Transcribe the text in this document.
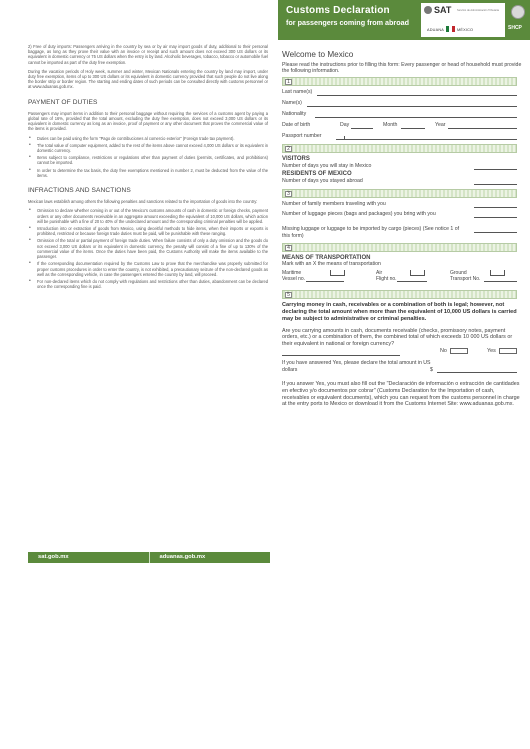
2) Free of duty imports: Passengers arriving in the country by sea or by air may import goods of duty, additional to their personal baggage, as long as they prove their value with an invoice or receipt and such amount does not exceed 300 US dollars or its equivalent in domestic currency or 75 US dollars when the entry is by land. Alcoholic beverages, tobacco, tobacco or automobile fuel cannot be imported as part of the duty free exemption.

During the vacation periods of Holy week, summer and winter, Mexican Nationals entering the country by land may import, under duty free exemption, items of up to 300 US dollars or its equivalent in domestic currency provided that such people do not live along the border strip or border region. The starting and ending dates of such periods can be consulted directly with customs personnel or at www.aduanas.gob.mx.

PAYMENT OF DUTIES

Passengers may import items in addition to their personal baggage without requiring the services of a customs agent by paying a global rate of 16%, provided that the total amount, excluding the duty free exemption, does not exceed 3,000 US dollars or its equivalent in domestic currency as long as an invoice, proof of payment or any other document that proves the commercial value of the items is provided.

• Duties can be paid using the form "Pago de contribuciones al comercio exterior" (Foreign trade tax payment).
• The total value of computer equipment, added to the rest of the items above cannot exceed 4,000 US dollars or its equivalent in domestic currency.
• Items subject to compliance, restrictions or regulations other than payment of duties (permits, certificates, and prohibitions) cannot be imported.
• In order to determine the tax basis, the duty free exemptions mentioned in number 2, must be deducted from the value of the items.
INFRACTIONS AND SANCTIONS

Mexican laws establish among others the following penalties and sanctions related to the importation of goods into the country:

• Omission to declare whether coming in or out of the Mexico's customs amounts of cash in domestic or foreign checks, payment orders or any other documents receivable in an aggregate amount exceeding the equivalent of 10,000 US dollars, which action will be punishable with a fine of 20 to 40% of the undeclared amount and the corresponding criminal penalties will be applied.
• Introduction into or extraction of goods from Mexico, using deceitful methods to hide items, when their imports or exports is prohibited, restricted or because foreign trade duties must be paid, will be punishable with these ranging.
• Omission of the total or partial payment of foreign trade duties. When failure consists of only a duty omission and the goods do not exceed 3,000 US dollars or its equivalent in domestic currency, the penalty will consist of a fine of up to 130% of the commercial value of the items. Once the duties have been paid, the Customs Authority will make the items available to the passenger.
• If the corresponding documentation required by the Customs Law to prove that the merchandise was properly submitted for proper customs procedures in order to enter the country, is not exhibited, a precautionary seizure of the non-declared goods as well as the corresponding vehicle, in case the passengers entered the country by land, will proceed.
• For non-declared items which do not comply with regulations and restrictions other than duties, abandonment can be declared once the corresponding fine is paid.
sat.gob.mx	aduanas.gob.mx
Customs Declaration
for passengers coming from abroad
SAT Servicio de Administración Tributaria
ADUANA	MÉXICO	SHCP
Welcome to Mexico
Please read the instructions prior to filling this form: Every passenger or head of household must provide the following information.
1
Last name(s)
Name(s)
Nationality
Date of birth	Day	Month	Year
Passport number
2
VISITORS
Number of days you will stay in Mexico
RESIDENTS OF MEXICO
Number of days you stayed abroad
3
Number of family members traveling with you
Number of luggage pieces (bags and packages) you bring with you
Missing luggage or luggage to be imported by cargo (pieces) (See notice 1 of this form)
4
MEANS OF TRANSPORTATION
Mark with an X the means of transportation
Maritime
Vessel no.
Air
Flight no.
Ground
Transport No.
5
Carrying money in cash, receivables or a combination of both is legal; however, not declaring the total amount when more than the equivalent of 10,000 US dollars is carried may be subject to administrative or criminal penalties.
Are you carrying amounts in cash, documents receivable (checks, promissory notes, payment orders, etc.) or a combination of them, the combined total of which exceeds 10 000 US dollars or their equivalent in national or foreign currency?
No	Yes
If you have answered Yes, please declare the total amount in US dollars	$
If you answer Yes, you must also fill out the "Declaración de información o extracción de cantidades en efectivo y/o documentos por cobrar" (Customs Declaration for the Importation of cash, receivables or equivalent documents), which you can request from the customs personnel in charge at the entry ports to Mexico or download it from the Customs Internet Site: www.aduanas.gob.mx.
